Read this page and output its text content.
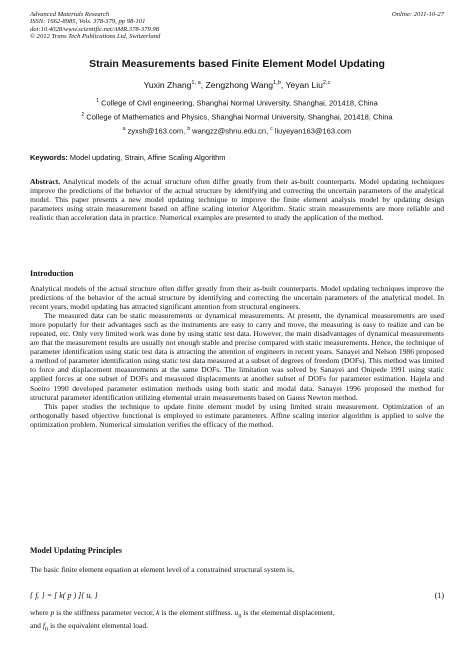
Advanced Materials Research
ISSN: 1662-8985, Vols. 378-379, pp 98-101
doi:10.4028/www.scientific.net/AMR.378-379.98
© 2012 Trans Tech Publications Ltd, Switzerland
Online: 2011-10-27
Strain Measurements based Finite Element Model Updating
Yuxin Zhang$^{1, a}$, Zengzhong Wang$^{1,b}$, Yeyan Liu$^{2,c}$
$^1$ College of Civil engineering, Shanghai Normal University, Shanghai, 201418, China
$^2$ College of Mathematics and Physics, Shanghai Normal University, Shanghai, 201418, China
$^a$ zyxsh@163.com, $^b$ wangzz@shnu.edu.cn, $^c$ liuyeyan163@163.com
Keywords: Model updating, Strain, Affine Scaling Algorithm

Abstract. Analytical models of the actual structure often differ greatly from their as-built counterparts. Model updating techniques improve the predictions of the behavior of the actual structure by identifying and correcting the uncertain parameters of the analytical model. This paper presents a new model updating technique to improve the finite element analysis model by updating design parameters using strain measurement based on affine scaling interior Algorithm. Static strain measurements are more reliable and realistic than acceleration data in practice. Numerical examples are presented to study the application of the method.

Introduction

Analytical models of the actual structure often differ greatly from their as-built counterparts. Model updating techniques improve the predictions of the behavior of the actual structure by identifying and correcting the uncertain parameters of the analytical model. In recent years, model updating has attracted significant attention from structural engineers.

The measured data can be static measurements or dynamical measurements. At present, the dynamical measurements are used more popularly for their advantages such as the instruments are easy to carry and move, the measuring is easy to realize and can be repeated, etc. Only very limited work was done by using static test data. However, the main disadvantages of dynamical measurements are that the measurement results are usually not enough stable and precise compared with static measurements. Hence, the technique of parameter identification using static test data is attracting the attention of engineers in recent years. Sanayei and Nelson 1986 proposed a method of parameter identification using static test data measured at a subset of degrees of freedom (DOFs). This method was limited to force and displacement measurements at the same DOFs. The limitation was solved by Sanayei and Onipede 1991 using static applied forces at one subset of DOFs and measured displacements at another subset of DOFs for parameter estimation. Hajela and Soeiro 1990 developed parameter estimation methods using both static and modal data. Sanayei 1996 proposed the method for structural parameter identification utilizing elemental strain measurements based on Gauss Newton method.

This paper studies the technique to update finite element model by using limited strain measurement. Optimization of an orthogonally based objective functional is employed to estimate parameters. Affine scaling interior algorithm is applied to solve the optimization problem. Numerical simulation verifies the efficacy of the method.

Model Updating Principles
The basic finite element equation at element level of a constrained structural system is,
{ fₑ } = [ k( p ) ]{ uₑ }	(1)

where p is the stiffness parameter vector, k is the element stiffness. $u_n$ is the elemental displacement,
and $f_n$ is the equivalent elemental load.
